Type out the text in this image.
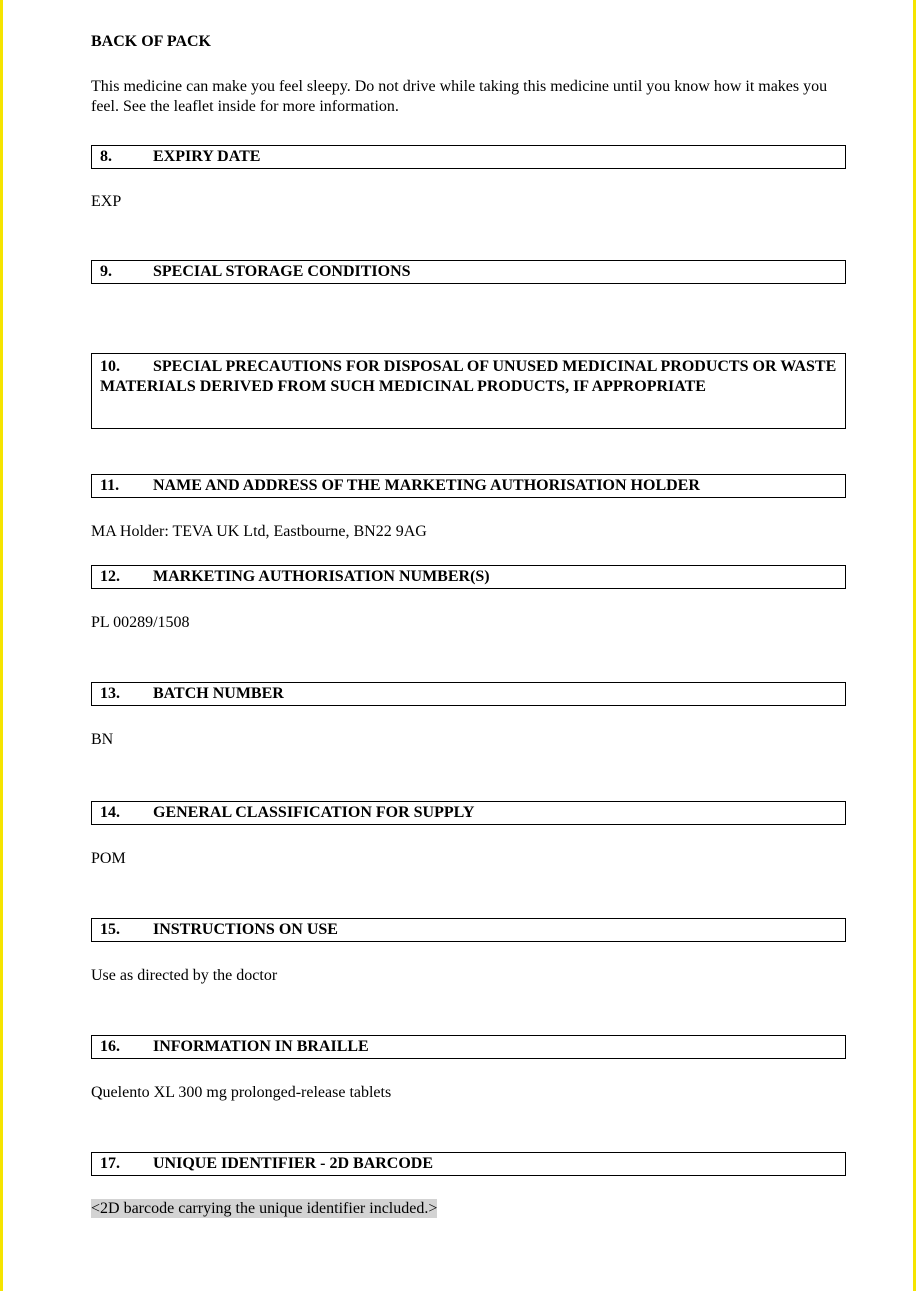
BACK OF PACK
This medicine can make you feel sleepy. Do not drive while taking this medicine until you know how it makes you feel. See the leaflet inside for more information.
8.	EXPIRY DATE
EXP
9.	SPECIAL STORAGE CONDITIONS
10. SPECIAL PRECAUTIONS FOR DISPOSAL OF UNUSED MEDICINAL PRODUCTS OR WASTE MATERIALS DERIVED FROM SUCH MEDICINAL PRODUCTS, IF APPROPRIATE
11. NAME AND ADDRESS OF THE MARKETING AUTHORISATION HOLDER
MA Holder: TEVA UK Ltd, Eastbourne, BN22 9AG
12. MARKETING AUTHORISATION NUMBER(S)
PL 00289/1508
13. BATCH NUMBER
BN
14. GENERAL CLASSIFICATION FOR SUPPLY
POM
15. INSTRUCTIONS ON USE
Use as directed by the doctor
16. INFORMATION IN BRAILLE
Quelento XL 300 mg prolonged-release tablets
17. UNIQUE IDENTIFIER - 2D BARCODE
<2D barcode carrying the unique identifier included.>
